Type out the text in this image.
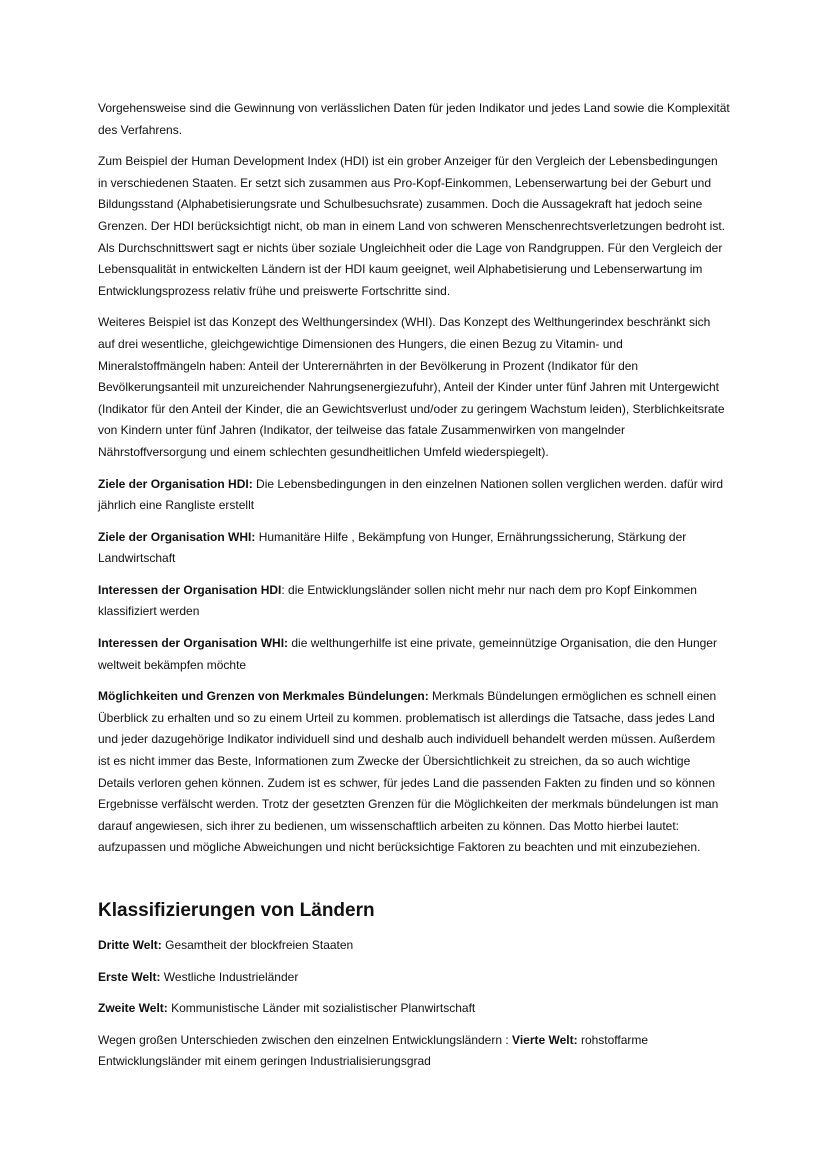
Vorgehensweise sind die Gewinnung von verlässlichen Daten für jeden Indikator und jedes Land sowie die Komplexität des Verfahrens.

Zum Beispiel der Human Development Index (HDI) ist ein grober Anzeiger für den Vergleich der Lebensbedingungen in verschiedenen Staaten. Er setzt sich zusammen aus Pro-Kopf-Einkommen, Lebenserwartung bei der Geburt und Bildungsstand (Alphabetisierungsrate und Schulbesuchsrate) zusammen. Doch die Aussagekraft hat jedoch seine Grenzen. Der HDI berücksichtigt nicht, ob man in einem Land von schweren Menschenrechtsverletzungen bedroht ist. Als Durchschnittswert sagt er nichts über soziale Ungleichheit oder die Lage von Randgruppen. Für den Vergleich der Lebensqualität in entwickelten Ländern ist der HDI kaum geeignet, weil Alphabetisierung und Lebenserwartung im Entwicklungsprozess relativ frühe und preiswerte Fortschritte sind.

Weiteres Beispiel ist das Konzept des Welthungersindex (WHI). Das Konzept des Welthungerindex beschränkt sich auf drei wesentliche, gleichgewichtige Dimensionen des Hungers, die einen Bezug zu Vitamin- und Mineralstoffmängeln haben: Anteil der Unterernährten in der Bevölkerung in Prozent (Indikator für den Bevölkerungsanteil mit unzureichender Nahrungsenergiezufuhr), Anteil der Kinder unter fünf Jahren mit Untergewicht (Indikator für den Anteil der Kinder, die an Gewichtsverlust und/oder zu geringem Wachstum leiden), Sterblichkeitsrate von Kindern unter fünf Jahren (Indikator, der teilweise das fatale Zusammenwirken von mangelnder Nährstoffversorgung und einem schlechten gesundheitlichen Umfeld wiederspiegelt).

Ziele der Organisation HDI: Die Lebensbedingungen in den einzelnen Nationen sollen verglichen werden. dafür wird jährlich eine Rangliste erstellt

Ziele der Organisation WHI: Humanitäre Hilfe , Bekämpfung von Hunger, Ernährungssicherung, Stärkung der Landwirtschaft

Interessen der Organisation HDI: die Entwicklungsländer sollen nicht mehr nur nach dem pro Kopf Einkommen klassifiziert werden

Interessen der Organisation WHI: die welthungerhilfe ist eine private, gemeinnützige Organisation, die den Hunger weltweit bekämpfen möchte

Möglichkeiten und Grenzen von Merkmales Bündelungen: Merkmals Bündelungen ermöglichen es schnell einen Überblick zu erhalten und so zu einem Urteil zu kommen. problematisch ist allerdings die Tatsache, dass jedes Land und jeder dazugehörige Indikator individuell sind und deshalb auch individuell behandelt werden müssen. Außerdem ist es nicht immer das Beste, Informationen zum Zwecke der Übersichtlichkeit zu streichen, da so auch wichtige Details verloren gehen können. Zudem ist es schwer, für jedes Land die passenden Fakten zu finden und so können Ergebnisse verfälscht werden. Trotz der gesetzten Grenzen für die Möglichkeiten der merkmals bündelungen ist man darauf angewiesen, sich ihrer zu bedienen, um wissenschaftlich arbeiten zu können. Das Motto hierbei lautet: aufzupassen und mögliche Abweichungen und nicht berücksichtige Faktoren zu beachten und mit einzubeziehen.

Klassifizierungen von Ländern

Dritte Welt: Gesamtheit der blockfreien Staaten

Erste Welt: Westliche Industrieländer

Zweite Welt: Kommunistische Länder mit sozialistischer Planwirtschaft

Wegen großen Unterschieden zwischen den einzelnen Entwicklungsländern : Vierte Welt: rohstoffarme Entwicklungsländer mit einem geringen Industrialisierungsgrad
